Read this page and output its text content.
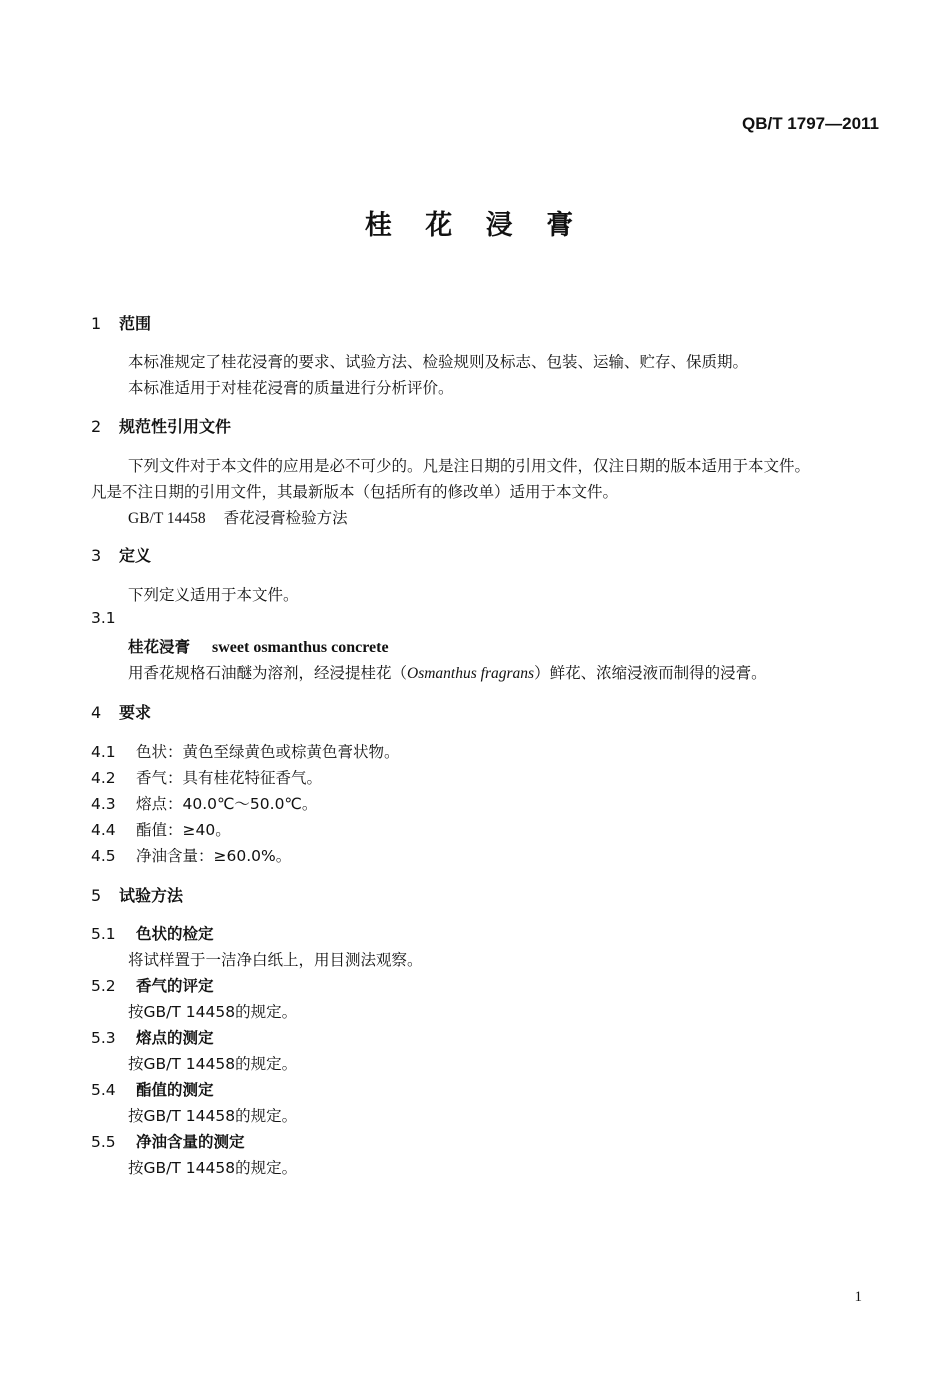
QB/T 1797—2011
桂 花 浸 膏
1 范围
本标准规定了桂花浸膏的要求、试验方法、检验规则及标志、包装、运输、贮存、保质期。
本标准适用于对桂花浸膏的质量进行分析评价。
2 规范性引用文件
下列文件对于本文件的应用是必不可少的。凡是注日期的引用文件，仅注日期的版本适用于本文件。
凡是不注日期的引用文件，其最新版本（包括所有的修改单）适用于本文件。
GB/T 14458 香花浸膏检验方法
3 定义
下列定义适用于本文件。
3.1
桂花浸膏 sweet osmanthus concrete
用香花规格石油醚为溶剂，经浸提桂花（Osmanthus fragrans）鲜花、浓缩浸液而制得的浸膏。
4 要求
4.1 色状：黄色至绿黄色或棕黄色膏状物。
4.2 香气：具有桂花特征香气。
4.3 熔点：40.0℃～50.0℃。
4.4 酯值：≥40。
4.5 净油含量：≥60.0%。
5 试验方法
5.1 色状的检定
将试样置于一洁净白纸上，用目测法观察。
5.2 香气的评定
按GB/T 14458的规定。
5.3 熔点的测定
按GB/T 14458的规定。
5.4 酯值的测定
按GB/T 14458的规定。
5.5 净油含量的测定
按GB/T 14458的规定。
1
